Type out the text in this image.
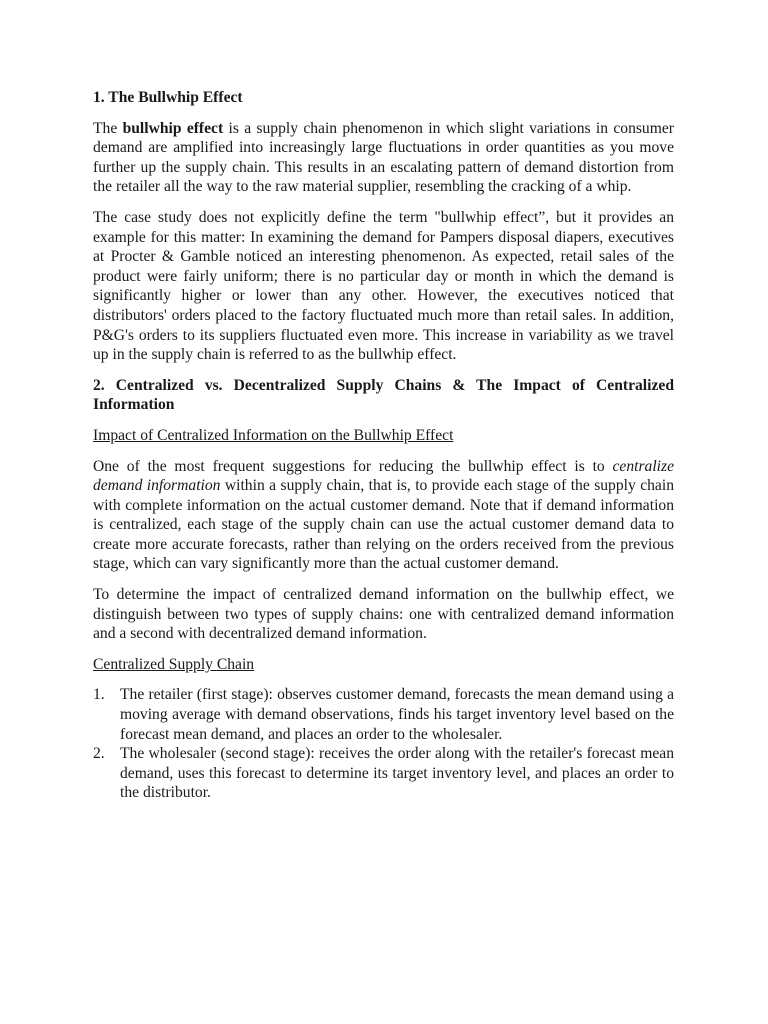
1. The Bullwhip Effect

The bullwhip effect is a supply chain phenomenon in which slight variations in consumer demand are amplified into increasingly large fluctuations in order quantities as you move further up the supply chain. This results in an escalating pattern of demand distortion from the retailer all the way to the raw material supplier, resembling the cracking of a whip.

The case study does not explicitly define the term "bullwhip effect”, but it provides an example for this matter: In examining the demand for Pampers disposal diapers, executives at Procter & Gamble noticed an interesting phenomenon. As expected, retail sales of the product were fairly uniform; there is no particular day or month in which the demand is significantly higher or lower than any other. However, the executives noticed that distributors' orders placed to the factory fluctuated much more than retail sales. In addition, P&G's orders to its suppliers fluctuated even more. This increase in variability as we travel up in the supply chain is referred to as the bullwhip effect.

2. Centralized vs. Decentralized Supply Chains & The Impact of Centralized Information
Impact of Centralized Information on the Bullwhip Effect

One of the most frequent suggestions for reducing the bullwhip effect is to centralize demand information within a supply chain, that is, to provide each stage of the supply chain with complete information on the actual customer demand. Note that if demand information is centralized, each stage of the supply chain can use the actual customer demand data to create more accurate forecasts, rather than relying on the orders received from the previous stage, which can vary significantly more than the actual customer demand.

To determine the impact of centralized demand information on the bullwhip effect, we distinguish between two types of supply chains: one with centralized demand information and a second with decentralized demand information.

Centralized Supply Chain
1. The retailer (first stage): observes customer demand, forecasts the mean demand using a moving average with demand observations, finds his target inventory level based on the forecast mean demand, and places an order to the wholesaler.
2. The wholesaler (second stage): receives the order along with the retailer's forecast mean demand, uses this forecast to determine its target inventory level, and places an order to the distributor.
